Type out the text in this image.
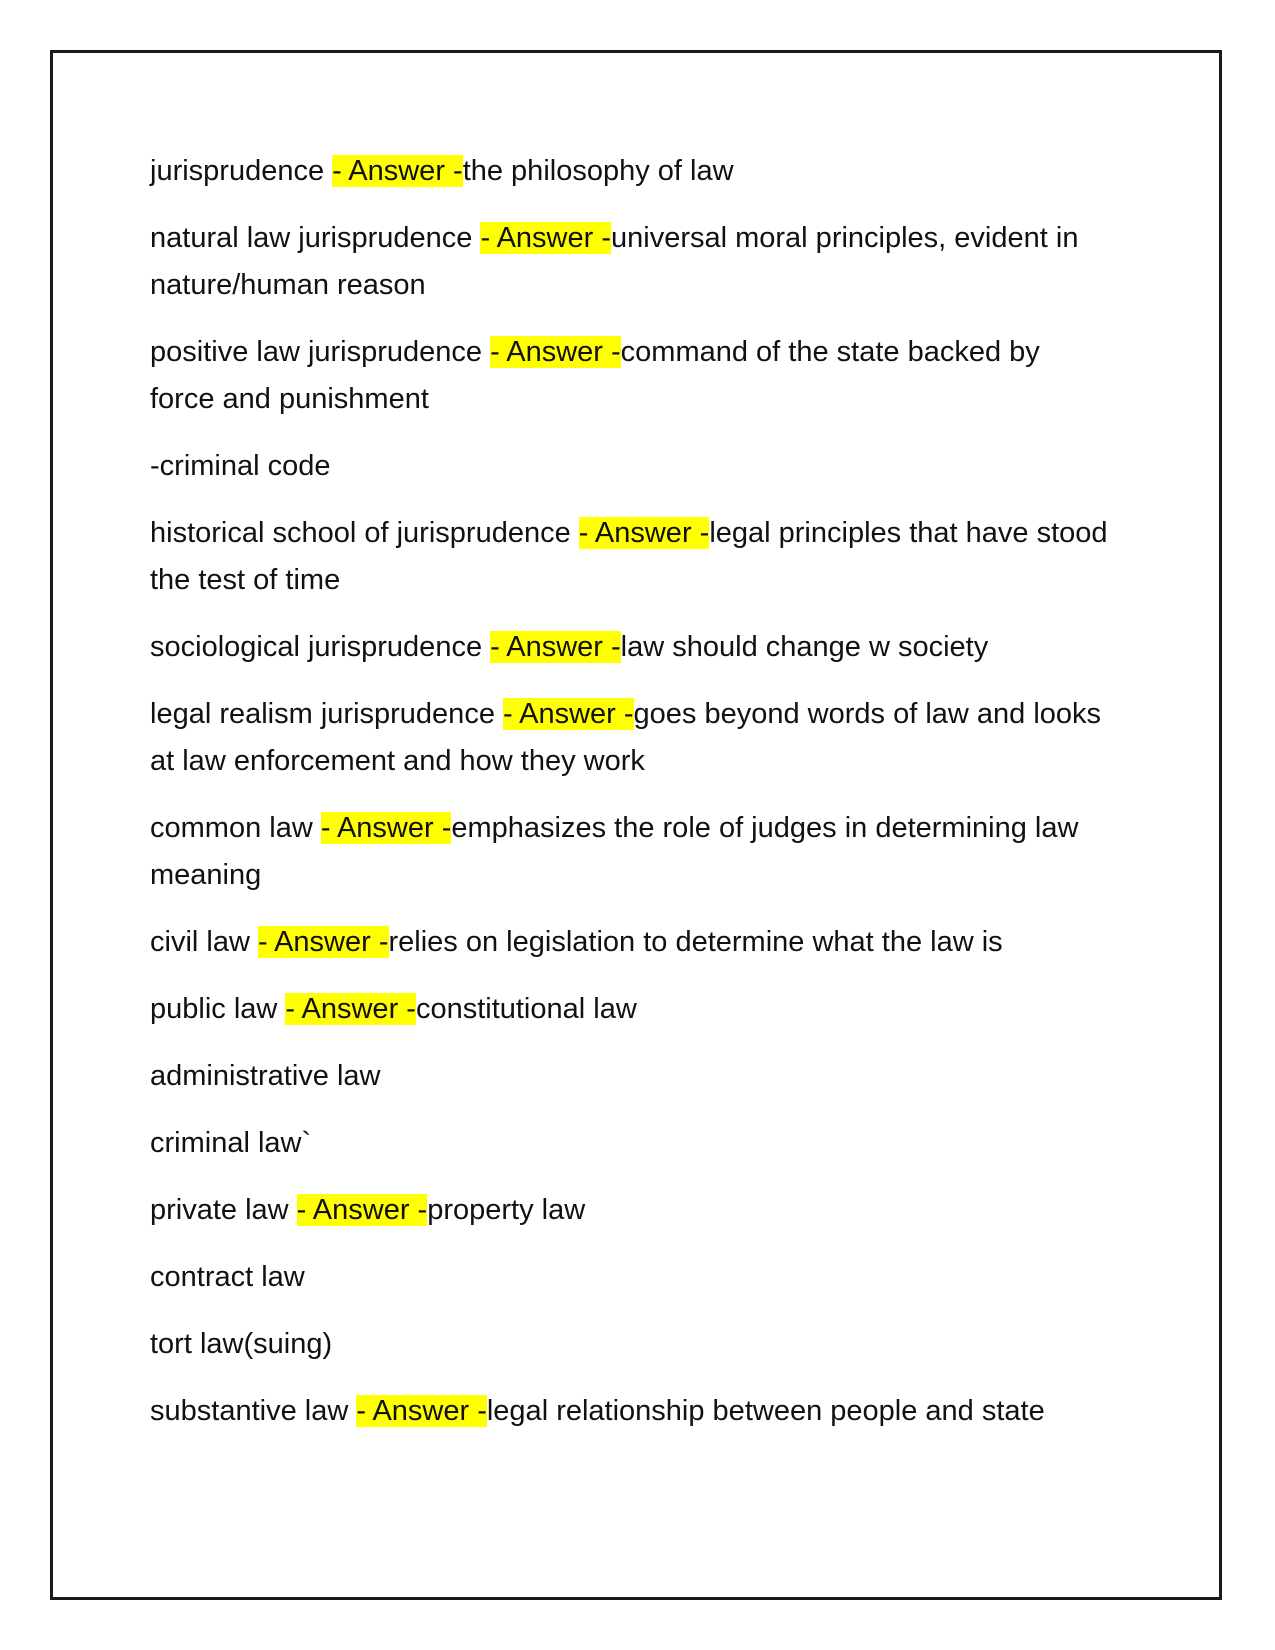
jurisprudence - Answer -the philosophy of law

natural law jurisprudence - Answer -universal moral principles, evident in nature/human reason

positive law jurisprudence - Answer -command of the state backed by force and punishment

-criminal code

historical school of jurisprudence - Answer -legal principles that have stood the test of time

sociological jurisprudence - Answer -law should change w society

legal realism jurisprudence - Answer -goes beyond words of law and looks at law enforcement and how they work

common law - Answer -emphasizes the role of judges in determining law meaning

civil law - Answer -relies on legislation to determine what the law is

public law - Answer -constitutional law

administrative law

criminal law`

private law - Answer -property law

contract law

tort law(suing)

substantive law - Answer -legal relationship between people and state
